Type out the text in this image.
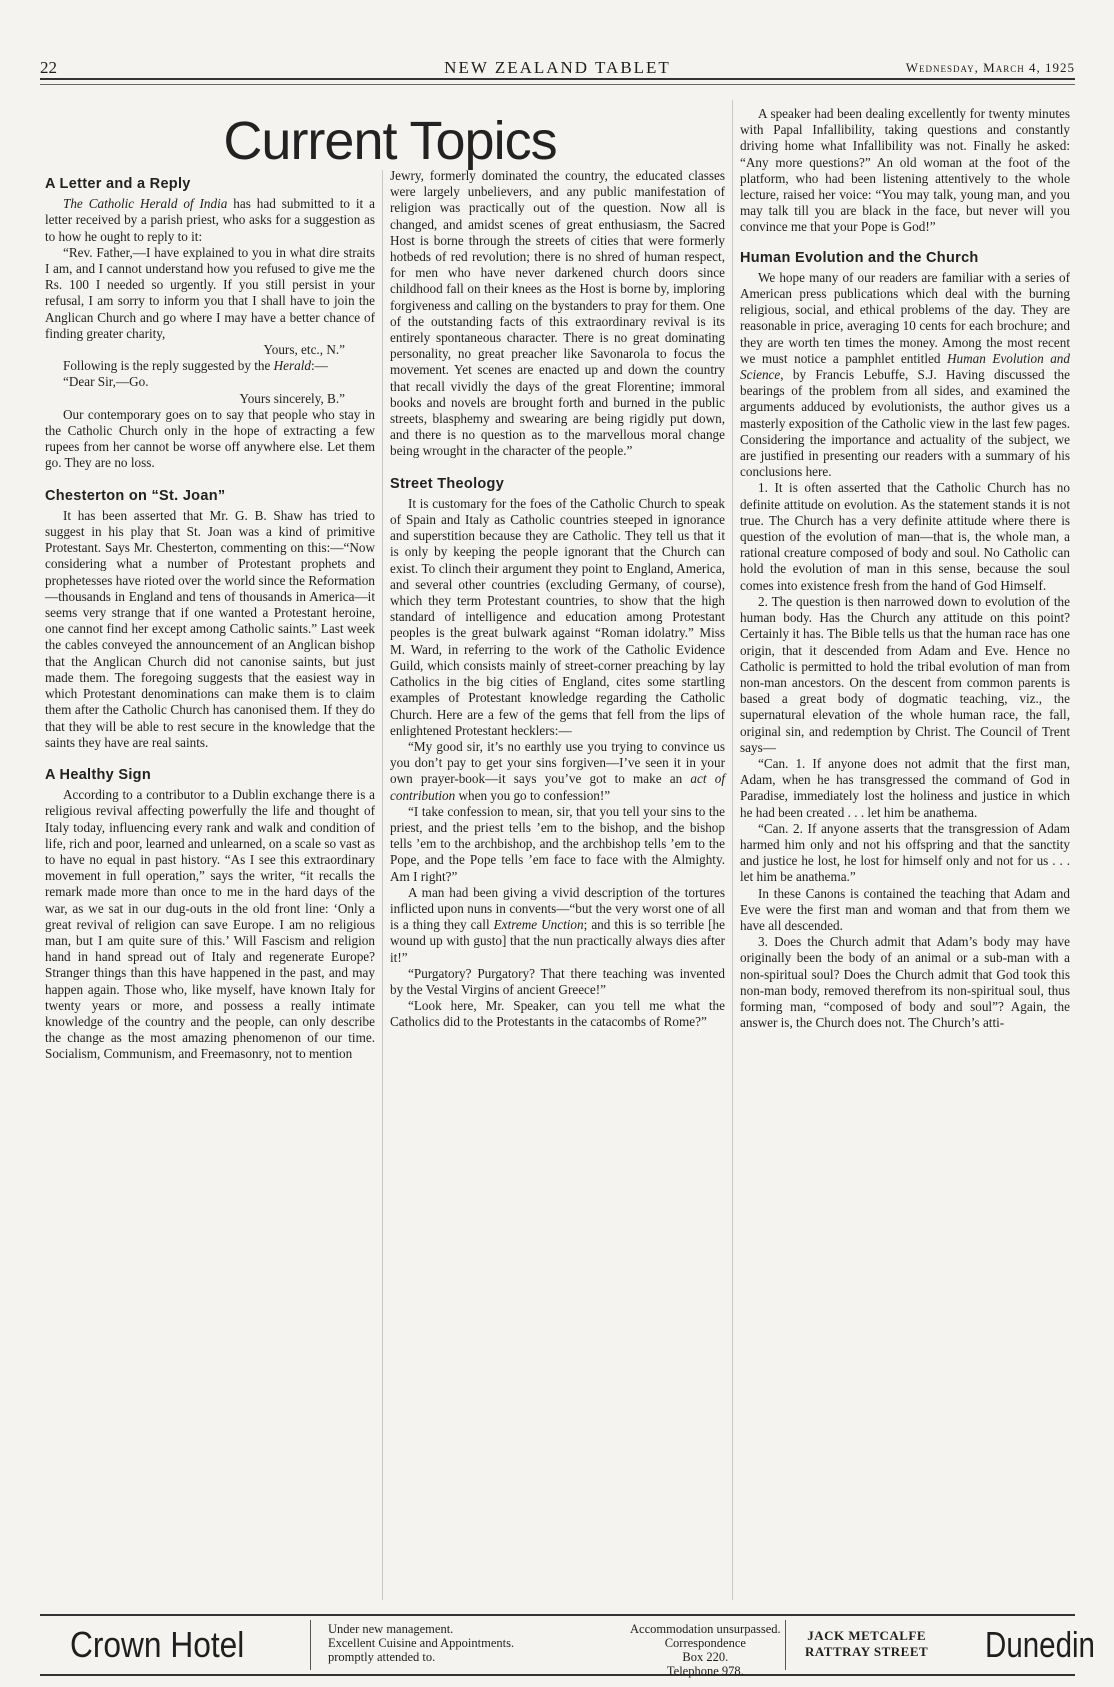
22	NEW ZEALAND TABLET	Wednesday, March 4, 1925
Current Topics
A Letter and a Reply

The Catholic Herald of India has had submitted to it a letter received by a parish priest, who asks for a suggestion as to how he ought to reply to it:

“Rev. Father,—I have explained to you in what dire straits I am, and I cannot understand how you refused to give me the Rs. 100 I needed so urgently. If you still persist in your refusal, I am sorry to inform you that I shall have to join the Anglican Church and go where I may have a better chance of finding greater charity,

Yours, etc., N.”

Following is the reply suggested by the Herald:—

“Dear Sir,—Go.

Yours sincerely, B.”

Our contemporary goes on to say that people who stay in the Catholic Church only in the hope of extracting a few rupees from her cannot be worse off anywhere else. Let them go. They are no loss.

Chesterton on “St. Joan”

It has been asserted that Mr. G. B. Shaw has tried to suggest in his play that St. Joan was a kind of primitive Protestant. Says Mr. Chesterton, commenting on this:—“Now considering what a number of Protestant prophets and prophetesses have rioted over the world since the Reformation—thousands in England and tens of thousands in America—it seems very strange that if one wanted a Protestant heroine, one cannot find her except among Catholic saints.” Last week the cables conveyed the announcement of an Anglican bishop that the Anglican Church did not canonise saints, but just made them. The foregoing suggests that the easiest way in which Protestant denominations can make them is to claim them after the Catholic Church has canonised them. If they do that they will be able to rest secure in the knowledge that the saints they have are real saints.

A Healthy Sign

According to a contributor to a Dublin exchange there is a religious revival affecting powerfully the life and thought of Italy today, influencing every rank and walk and condition of life, rich and poor, learned and unlearned, on a scale so vast as to have no equal in past history. “As I see this extraordinary movement in full operation,” says the writer, “it recalls the remark made more than once to me in the hard days of the war, as we sat in our dug-outs in the old front line: ‘Only a great revival of religion can save Europe. I am no religious man, but I am quite sure of this.’ Will Fascism and religion hand in hand spread out of Italy and regenerate Europe? Stranger things than this have happened in the past, and may happen again. Those who, like myself, have known Italy for twenty years or more, and possess a really intimate knowledge of the country and the people, can only describe the change as the most amazing phenomenon of our time. Socialism, Communism, and Freemasonry, not to mention

Jewry, formerly dominated the country, the educated classes were largely unbelievers, and any public manifestation of religion was practically out of the question. Now all is changed, and amidst scenes of great enthusiasm, the Sacred Host is borne through the streets of cities that were formerly hotbeds of red revolution; there is no shred of human respect, for men who have never darkened church doors since childhood fall on their knees as the Host is borne by, imploring forgiveness and calling on the bystanders to pray for them. One of the outstanding facts of this extraordinary revival is its entirely spontaneous character. There is no great dominating personality, no great preacher like Savonarola to focus the movement. Yet scenes are enacted up and down the country that recall vividly the days of the great Florentine; immoral books and novels are brought forth and burned in the public streets, blasphemy and swearing are being rigidly put down, and there is no question as to the marvellous moral change being wrought in the character of the people.”

Street Theology

It is customary for the foes of the Catholic Church to speak of Spain and Italy as Catholic countries steeped in ignorance and superstition because they are Catholic. They tell us that it is only by keeping the people ignorant that the Church can exist. To clinch their argument they point to England, America, and several other countries (excluding Germany, of course), which they term Protestant countries, to show that the high standard of intelligence and education among Protestant peoples is the great bulwark against “Roman idolatry.” Miss M. Ward, in referring to the work of the Catholic Evidence Guild, which consists mainly of street-corner preaching by lay Catholics in the big cities of England, cites some startling examples of Protestant knowledge regarding the Catholic Church. Here are a few of the gems that fell from the lips of enlightened Protestant hecklers:—

“My good sir, it’s no earthly use you trying to convince us you don’t pay to get your sins forgiven—I’ve seen it in your own prayer-book—it says you’ve got to make an act of contribution when you go to confession!”

“I take confession to mean, sir, that you tell your sins to the priest, and the priest tells ’em to the bishop, and the bishop tells ’em to the archbishop, and the archbishop tells ’em to the Pope, and the Pope tells ’em face to face with the Almighty. Am I right?”

A man had been giving a vivid description of the tortures inflicted upon nuns in convents—“but the very worst one of all is a thing they call Extreme Unction; and this is so terrible [he wound up with gusto] that the nun practically always dies after it!”

“Purgatory? Purgatory? That there teaching was invented by the Vestal Virgins of ancient Greece!”

“Look here, Mr. Speaker, can you tell me what the Catholics did to the Protestants in the catacombs of Rome?”

A speaker had been dealing excellently for twenty minutes with Papal Infallibility, taking questions and constantly driving home what Infallibility was not. Finally he asked: “Any more questions?” An old woman at the foot of the platform, who had been listening attentively to the whole lecture, raised her voice: “You may talk, young man, and you may talk till you are black in the face, but never will you convince me that your Pope is God!”

Human Evolution and the Church

We hope many of our readers are familiar with a series of American press publications which deal with the burning religious, social, and ethical problems of the day. They are reasonable in price, averaging 10 cents for each brochure; and they are worth ten times the money. Among the most recent we must notice a pamphlet entitled Human Evolution and Science, by Francis Lebuffe, S.J. Having discussed the bearings of the problem from all sides, and examined the arguments adduced by evolutionists, the author gives us a masterly exposition of the Catholic view in the last few pages. Considering the importance and actuality of the subject, we are justified in presenting our readers with a summary of his conclusions here.

1. It is often asserted that the Catholic Church has no definite attitude on evolution. As the statement stands it is not true. The Church has a very definite attitude where there is question of the evolution of man—that is, the whole man, a rational creature composed of body and soul. No Catholic can hold the evolution of man in this sense, because the soul comes into existence fresh from the hand of God Himself.

2. The question is then narrowed down to evolution of the human body. Has the Church any attitude on this point? Certainly it has. The Bible tells us that the human race has one origin, that it descended from Adam and Eve. Hence no Catholic is permitted to hold the tribal evolution of man from non-man ancestors. On the descent from common parents is based a great body of dogmatic teaching, viz., the supernatural elevation of the whole human race, the fall, original sin, and redemption by Christ. The Council of Trent says—

“Can. 1. If anyone does not admit that the first man, Adam, when he has transgressed the command of God in Paradise, immediately lost the holiness and justice in which he had been created . . . let him be anathema.

“Can. 2. If anyone asserts that the transgression of Adam harmed him only and not his offspring and that the sanctity and justice he lost, he lost for himself only and not for us . . . let him be anathema.”

In these Canons is contained the teaching that Adam and Eve were the first man and woman and that from them we have all descended.

3. Does the Church admit that Adam’s body may have originally been the body of an animal or a sub-man with a non-spiritual soul? Does the Church admit that God took this non-man body, removed therefrom its non-spiritual soul, thus forming man, “composed of body and soul”? Again, the answer is, the Church does not. The Church’s atti-

Crown Hotel	Under new management.
Excellent Cuisine and Appointments.
promptly attended to.
Accommodation unsurpassed.
Correspondence
Box 220.
Telephone 978.
JACK METCALFE
RATTRAY STREET Dunedin
